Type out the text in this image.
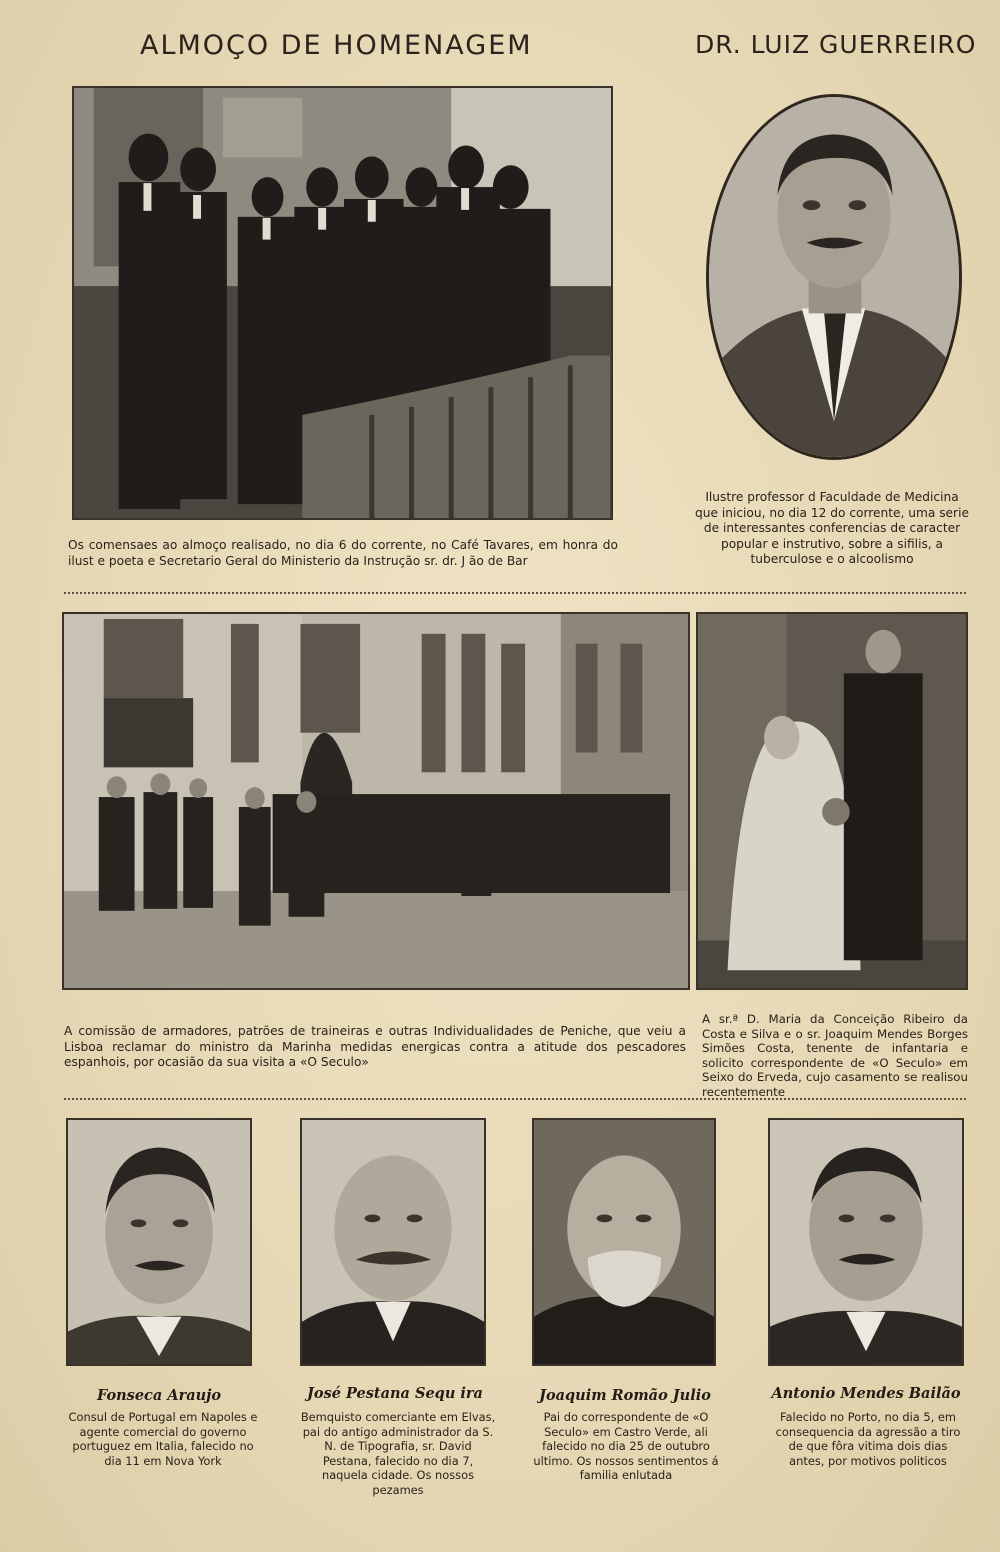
ALMOÇO DE HOMENAGEM	DR. LUIZ GUERREIRO
Os comensaes ao almoço realisado, no dia 6 do corrente, no Café Tavares, em honra do ilust e poeta e Secretario Geral do Ministerio da Instrução sr. dr. J ão de Bar
Ilustre professor d Faculdade de Medicina que iniciou, no dia 12 do corrente, uma serie de interessantes conferencias de caracter popular e instrutivo, sobre a sifilis, a tuberculose e o alcoolismo
A comissão de armadores, patrões de traineiras e outras Individualidades de Peniche, que veiu a Lisboa reclamar do ministro da Marinha medidas energicas contra a atitude dos pescadores espanhois, por ocasião da sua visita a «O Seculo»
A sr.ª D. Maria da Conceição Ribeiro da Costa e Silva e o sr. Joaquim Mendes Borges Simões Costa, tenente de infantaria e solicito correspondente de «O Seculo» em Seixo do Erveda, cujo casamento se realisou recentemente
Fonseca Araujo	José Pestana Sequ ira	Joaquim Romão Julio	Antonio Mendes Bailão
Consul de Portugal em Napoles e agente comercial do governo portuguez em Italia, falecido no dia 11 em Nova York
Bemquisto comerciante em Elvas, pai do antigo administrador da S. N. de Tipografia, sr. David Pestana, falecido no dia 7, naquela cidade. Os nossos pezames
Pai do correspondente de «O Seculo» em Castro Verde, ali falecido no dia 25 de outubro ultimo. Os nossos sentimentos á familia enlutada
Falecido no Porto, no dia 5, em consequencia da agressão a tiro de que fôra vitima dois dias antes, por motivos politicos
